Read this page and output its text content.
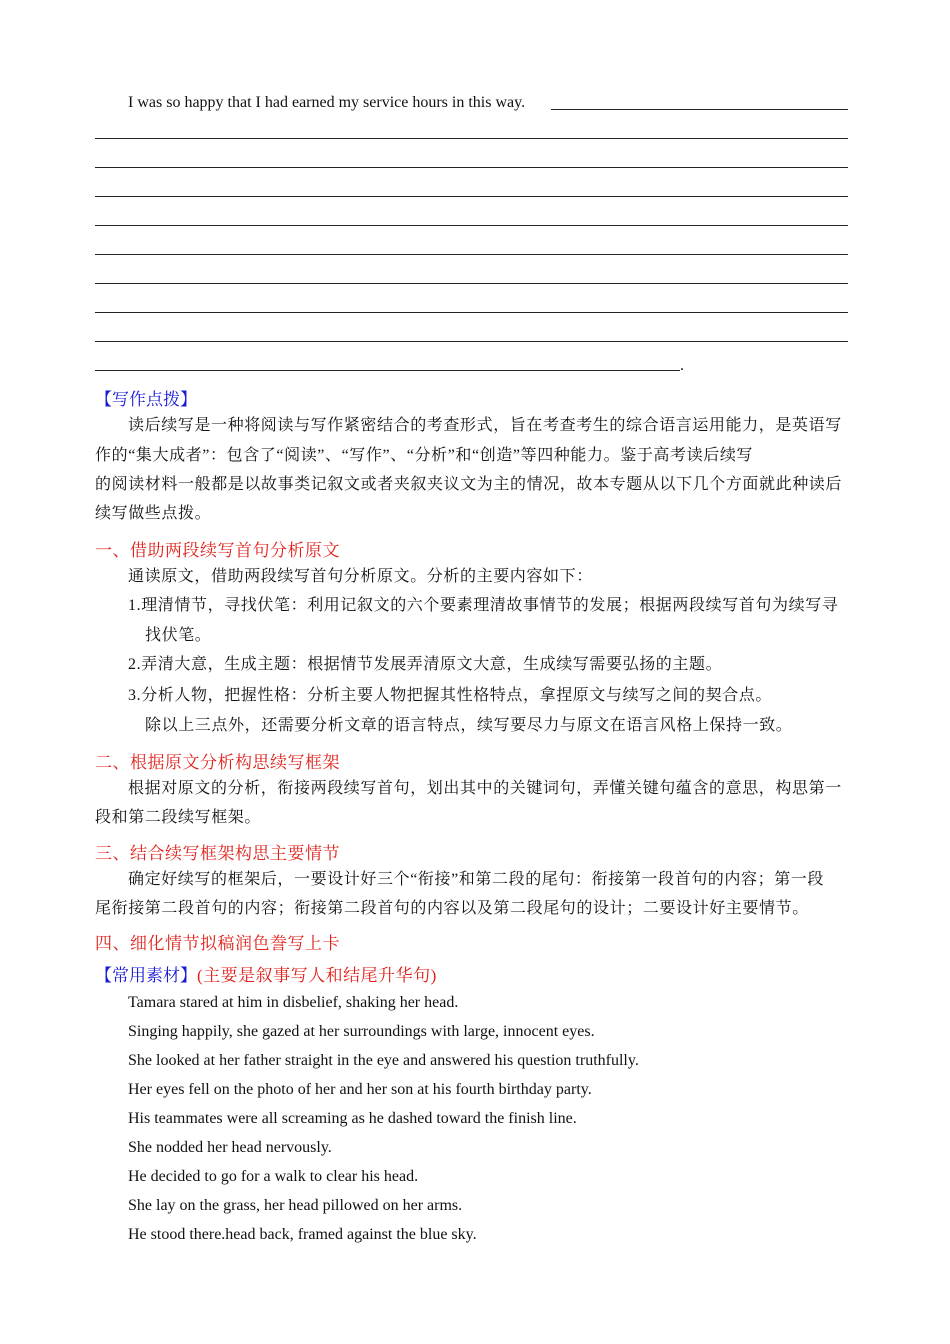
I was so happy that I had earned my service hours in this way.
.
【写作点拨】
读后续写是一种将阅读与写作紧密结合的考查形式，旨在考查考生的综合语言运用能力，是英语写
作的“集大成者”：包含了“阅读”、“写作”、“分析”和“创造”等四种能力。鉴于高考读后续写
的阅读材料一般都是以故事类记叙文或者夹叙夹议文为主的情况，故本专题从以下几个方面就此种读后
续写做些点拨。
一、借助两段续写首句分析原文
通读原文，借助两段续写首句分析原文。分析的主要内容如下：
1.理清情节，寻找伏笔：利用记叙文的六个要素理清故事情节的发展；根据两段续写首句为续写寻
找伏笔。
2.弄清大意，生成主题：根据情节发展弄清原文大意，生成续写需要弘扬的主题。
3.分析人物，把握性格：分析主要人物把握其性格特点，拿捏原文与续写之间的契合点。
除以上三点外，还需要分析文章的语言特点，续写要尽力与原文在语言风格上保持一致。
二、根据原文分析构思续写框架
根据对原文的分析，衔接两段续写首句，划出其中的关键词句，弄懂关键句蕴含的意思，构思第一
段和第二段续写框架。
三、结合续写框架构思主要情节
确定好续写的框架后，一要设计好三个“衔接”和第二段的尾句：衔接第一段首句的内容；第一段
尾衔接第二段首句的内容；衔接第二段首句的内容以及第二段尾句的设计；二要设计好主要情节。
四、细化情节拟稿润色誊写上卡
【常用素材】(主要是叙事写人和结尾升华句)
Tamara stared at him in disbelief, shaking her head.
Singing happily, she gazed at her surroundings with large, innocent eyes.
She looked at her father straight in the eye and answered his question truthfully.
Her eyes fell on the photo of her and her son at his fourth birthday party.
His teammates were all screaming as he dashed toward the finish line.
She nodded her head nervously.
He decided to go for a walk to clear his head.
She lay on the grass, her head pillowed on her arms.
He stood there.head back, framed against the blue sky.
